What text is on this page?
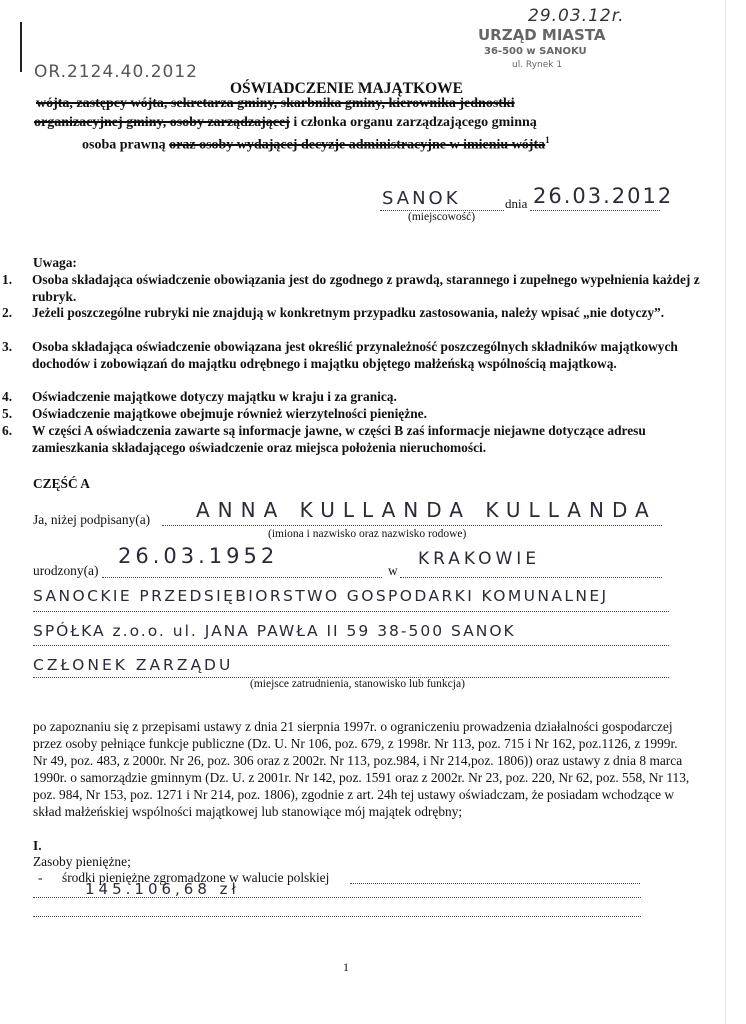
29.03.12r.
URZĄD MIASTA
36-500 w SANOKU
ul. Rynek 1
OR.2124.40.2012
OŚWIADCZENIE MAJĄTKOWE
wójta, zastępcy wójta, sekretarza gminy, skarbnika gminy, kierownika jednostki
organizacyjnej gminy, osoby zarządzającej i członka organu zarządzającego gminną
osoba prawną oraz osoby wydającej decyzje administracyjne w imieniu wójta$^1$
SANOK	dnia 26.03.2012
(miejscowość)
Uwaga:
1.	Osoba składająca oświadczenie obowiązania jest do zgodnego z prawdą, starannego i zupełnego wypełnienia każdej z rubryk.
2.	Jeżeli poszczególne rubryki nie znajdują w konkretnym przypadku zastosowania, należy wpisać „nie dotyczy”.
3.	Osoba składająca oświadczenie obowiązana jest określić przynależność poszczególnych składników majątkowych dochodów i zobowiązań do majątku odrębnego i majątku objętego małżeńską wspólnością majątkową.
4.	Oświadczenie majątkowe dotyczy majątku w kraju i za granicą.
5.	Oświadczenie majątkowe obejmuje również wierzytelności pieniężne.
6.	W części A oświadczenia zawarte są informacje jawne, w części B zaś informacje niejawne dotyczące adresu zamieszkania składającego oświadczenie oraz miejsca położenia nieruchomości.
CZĘŚĆ A
Ja, niżej podpisany(a) ANNA KULLANDA KULLANDA
(imiona i nazwisko oraz nazwisko rodowe)
urodzony(a)
26.03.1952
w
KRAKOWIE
SANOCKIE PRZEDSIĘBIORSTWO GOSPODARKI KOMUNALNEJ
SPÓŁKA z.o.o. ul. JANA PAWŁA II 59 38-500 SANOK
CZŁONEK ZARZĄDU
(miejsce zatrudnienia, stanowisko lub funkcja)
po zapoznaniu się z przepisami ustawy z dnia 21 sierpnia 1997r. o ograniczeniu prowadzenia działalności gospodarczej przez osoby pełniące funkcje publiczne (Dz. U. Nr 106, poz. 679, z 1998r. Nr 113, poz. 715 i Nr 162, poz.1126, z 1999r. Nr 49, poz. 483, z 2000r. Nr 26, poz. 306 oraz z 2002r. Nr 113, poz.984, i Nr 214,poz. 1806)) oraz ustawy z dnia 8 marca 1990r. o samorządzie gminnym (Dz. U. z 2001r. Nr 142, poz. 1591 oraz z 2002r. Nr 23, poz. 220, Nr 62, poz. 558, Nr 113, poz. 984, Nr 153, poz. 1271 i Nr 214, poz. 1806), zgodnie z art. 24h tej ustawy oświadczam, że posiadam wchodzące w skład małżeńskiej wspólności majątkowej lub stanowiące mój majątek odrębny;
I.
Zasoby pieniężne;
- środki pieniężne zgromadzone w walucie polskiej
145.106,68 zł
1
